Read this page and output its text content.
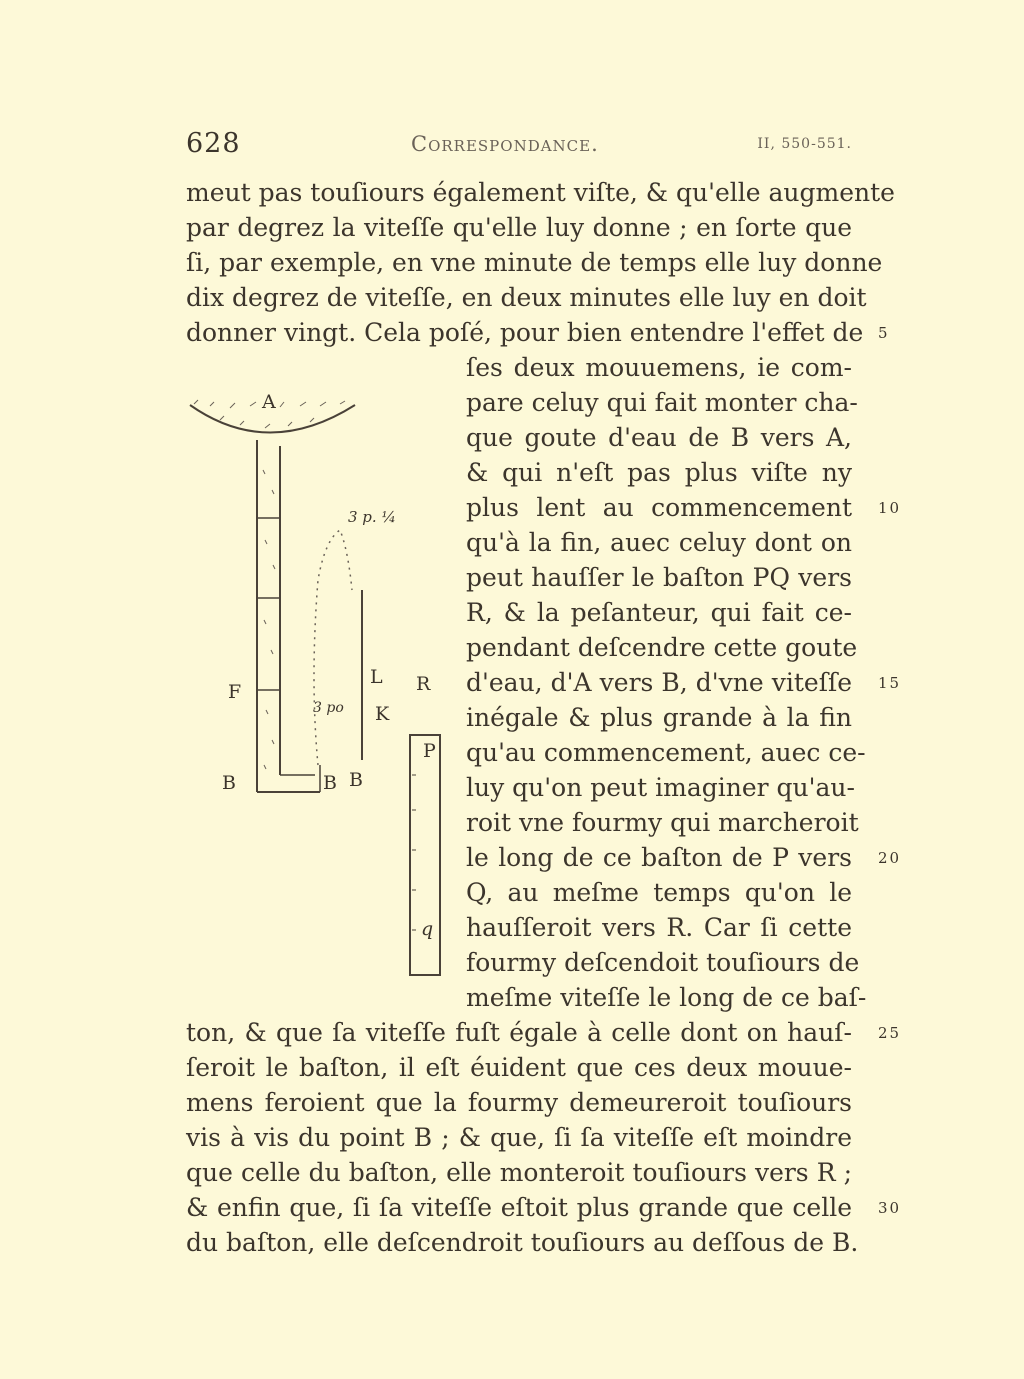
628	Correspondance.	II, 550-551.
meut pas touſiours également viſte, & qu'elle augmente
par degrez la viteſſe qu'elle luy donne ; en ſorte que
ſi, par exemple, en vne minute de temps elle luy donne
dix degrez de viteſſe, en deux minutes elle luy en doit
donner vingt. Cela poſé, pour bien entendre l'effet de
ſes deux mouuemens, ie com-
pare celuy qui fait monter cha-
que goute d'eau de B vers A,
& qui n'eſt pas plus viſte ny
plus lent au commencement
qu'à la fin, auec celuy dont on
peut hauſſer le baſton PQ vers
R, & la peſanteur, qui fait ce-
pendant deſcendre cette goute
d'eau, d'A vers B, d'vne viteſſe
inégale & plus grande à la fin
qu'au commencement, auec ce-
luy qu'on peut imaginer qu'au-
roit vne fourmy qui marcheroit
le long de ce baſton de P vers
Q, au meſme temps qu'on le
hauſſeroit vers R. Car ſi cette
fourmy deſcendoit touſiours de
meſme viteſſe le long de ce baſ-
ton, & que ſa viteſſe fuſt égale à celle dont on hauſ-
ſeroit le baſton, il eſt éuident que ces deux mouue-
mens feroient que la fourmy demeureroit touſiours
vis à vis du point B ; & que, ſi ſa viteſſe eſt moindre
que celle du baſton, elle monteroit touſiours vers R ;
& enfin que, ſi ſa viteſſe eſtoit plus grande que celle
du baſton, elle deſcendroit touſiours au deſſous de B.
5
10
15
20
25
30
A
F
B	B B
L
K
R
P
q
3 p. ¼
3 po
